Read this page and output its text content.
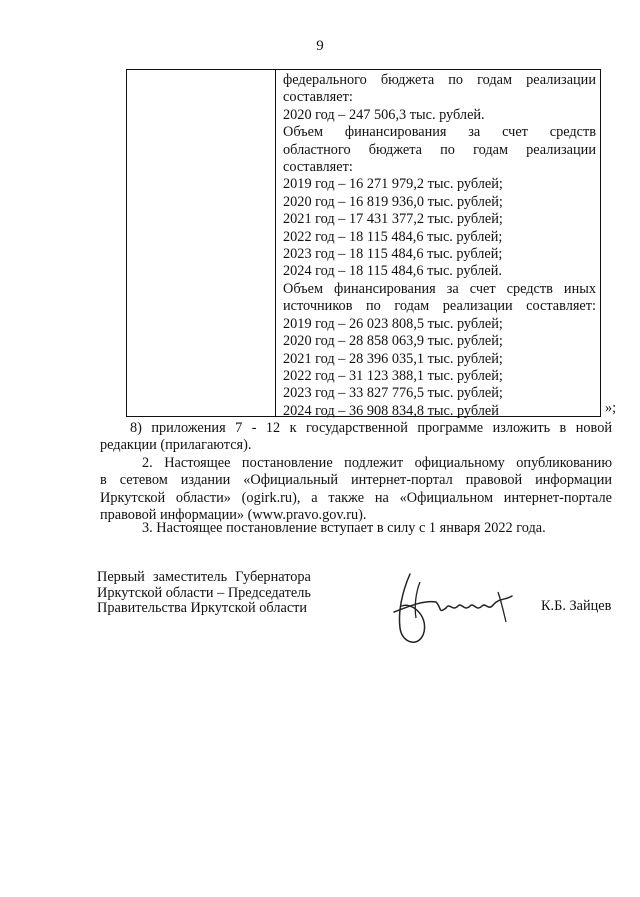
9
федерального бюджета по годам реализации
составляет:
2020 год – 247 506,3 тыс. рублей.
Объем финансирования за счет средств
областного бюджета по годам реализации
составляет:
2019 год – 16 271 979,2 тыс. рублей;
2020 год – 16 819 936,0 тыс. рублей;
2021 год – 17 431 377,2 тыс. рублей;
2022 год – 18 115 484,6 тыс. рублей;
2023 год – 18 115 484,6 тыс. рублей;
2024 год – 18 115 484,6 тыс. рублей.
Объем финансирования за счет средств иных
источников по годам реализации составляет:
2019 год – 26 023 808,5 тыс. рублей;
2020 год – 28 858 063,9 тыс. рублей;
2021 год – 28 396 035,1 тыс. рублей;
2022 год – 31 123 388,1 тыс. рублей;
2023 год – 33 827 776,5 тыс. рублей;
2024 год – 36 908 834,8 тыс. рублей	»;
8) приложения 7 - 12 к государственной программе изложить в новой
редакции (прилагаются).
2. Настоящее постановление подлежит официальному опубликованию
в сетевом издании «Официальный интернет-портал правовой информации
Иркутской области» (ogirk.ru), а также на «Официальном интернет-портале
правовой информации» (www.pravo.gov.ru).
3. Настоящее постановление вступает в силу с 1 января 2022 года.
Первый заместитель Губернатора
Иркутской области – Председатель
Правительства Иркутской области	К.Б. Зайцев
